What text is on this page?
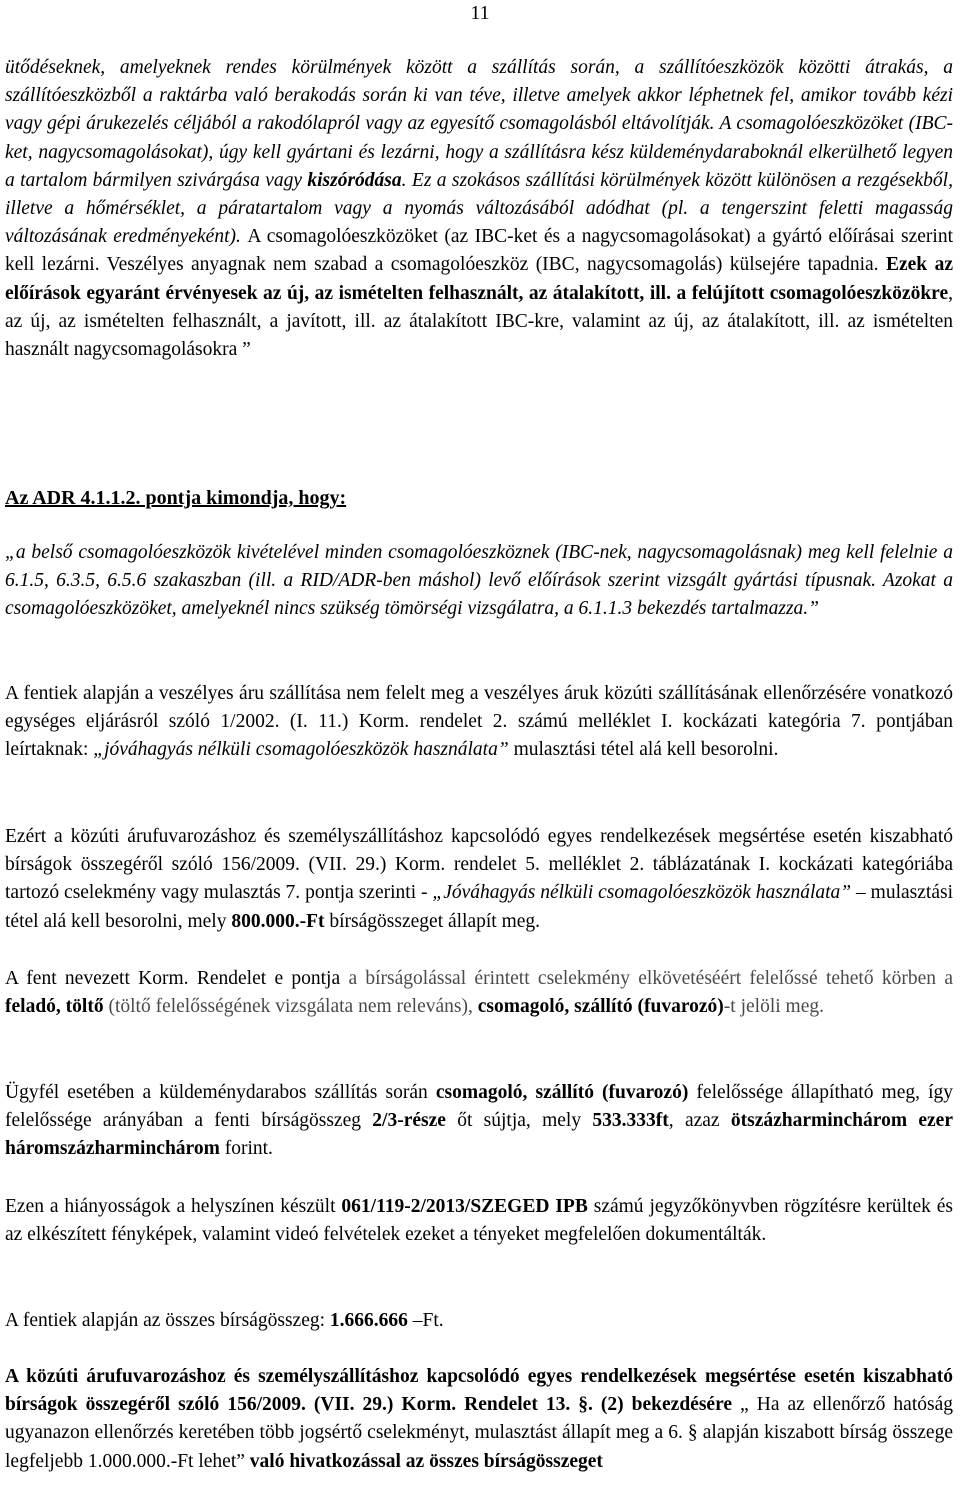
11
ütődéseknek, amelyeknek rendes körülmények között a szállítás során, a szállítóeszközök közötti átrakás, a szállítóeszközből a raktárba való berakodás során ki van téve, illetve amelyek akkor léphetnek fel, amikor tovább kézi vagy gépi árukezelés céljából a rakodólapról vagy az egyesítő csomagolásból eltávolítják. A csomagolóeszközöket (IBC-ket, nagycsomagolásokat), úgy kell gyártani és lezárni, hogy a szállításra kész küldeménydaraboknál elkerülhető legyen a tartalom bármilyen szivárgása vagy kiszóródása. Ez a szokásos szállítási körülmények között különösen a rezgésekből, illetve a hőmérséklet, a páratartalom vagy a nyomás változásából adódhat (pl. a tengerszint feletti magasság változásának eredményeként). A csomagolóeszközöket (az IBC-ket és a nagycsomagolásokat) a gyártó előírásai szerint kell lezárni. Veszélyes anyagnak nem szabad a csomagolóeszköz (IBC, nagycsomagolás) külsejére tapadnia. Ezek az előírások egyaránt érvényesek az új, az ismételten felhasznált, az átalakított, ill. a felújított csomagolóeszközökre, az új, az ismételten felhasznált, a javított, ill. az átalakított IBC-kre, valamint az új, az átalakított, ill. az ismételten használt nagycsomagolásokra ”
Az ADR 4.1.1.2. pontja kimondja, hogy:
„a belső csomagolóeszközök kivételével minden csomagolóeszköznek (IBC-nek, nagycsomagolásnak) meg kell felelnie a 6.1.5, 6.3.5, 6.5.6 szakaszban (ill. a RID/ADR-ben máshol) levő előírások szerint vizsgált gyártási típusnak. Azokat a csomagolóeszközöket, amelyeknél nincs szükség tömörségi vizsgálatra, a 6.1.1.3 bekezdés tartalmazza.”
A fentiek alapján a veszélyes áru szállítása nem felelt meg a veszélyes áruk közúti szállításának ellenőrzésére vonatkozó egységes eljárásról szóló 1/2002. (I. 11.) Korm. rendelet 2. számú melléklet I. kockázati kategória 7. pontjában leírtaknak: „jóváhagyás nélküli csomagolóeszközök használata” mulasztási tétel alá kell besorolni.
Ezért a közúti árufuvarozáshoz és személyszállításhoz kapcsolódó egyes rendelkezések megsértése esetén kiszabható bírságok összegéről szóló 156/2009. (VII. 29.) Korm. rendelet 5. melléklet 2. táblázatának I. kockázati kategóriába tartozó cselekmény vagy mulasztás 7. pontja szerinti - „Jóváhagyás nélküli csomagolóeszközök használata” – mulasztási tétel alá kell besorolni, mely 800.000.-Ft bírságösszeget állapít meg.
A fent nevezett Korm. Rendelet e pontja a bírságolással érintett cselekmény elkövetéséért felelőssé tehető körben a feladó, töltő (töltő felelősségének vizsgálata nem releváns), csomagoló, szállító (fuvarozó)-t jelöli meg.
Ügyfél esetében a küldeménydarabos szállítás során csomagoló, szállító (fuvarozó) felelőssége állapítható meg, így felelőssége arányában a fenti bírságösszeg 2/3-része őt sújtja, mely 533.333ft, azaz ötszázharminchárom ezer háromszázharminchárom forint.
Ezen a hiányosságok a helyszínen készült 061/119-2/2013/SZEGED IPB számú jegyzőkönyvben rögzítésre kerültek és az elkészített fényképek, valamint videó felvételek ezeket a tényeket megfelelően dokumentálták.
A fentiek alapján az összes bírságösszeg: 1.666.666 –Ft.
A közúti árufuvarozáshoz és személyszállításhoz kapcsolódó egyes rendelkezések megsértése esetén kiszabható bírságok összegéről szóló 156/2009. (VII. 29.) Korm. Rendelet 13. §. (2) bekezdésére „ Ha az ellenőrző hatóság ugyanazon ellenőrzés keretében több jogsértő cselekményt, mulasztást állapít meg a 6. § alapján kiszabott bírság összege legfeljebb 1.000.000.-Ft lehet” való hivatkozással az összes bírságösszeget
